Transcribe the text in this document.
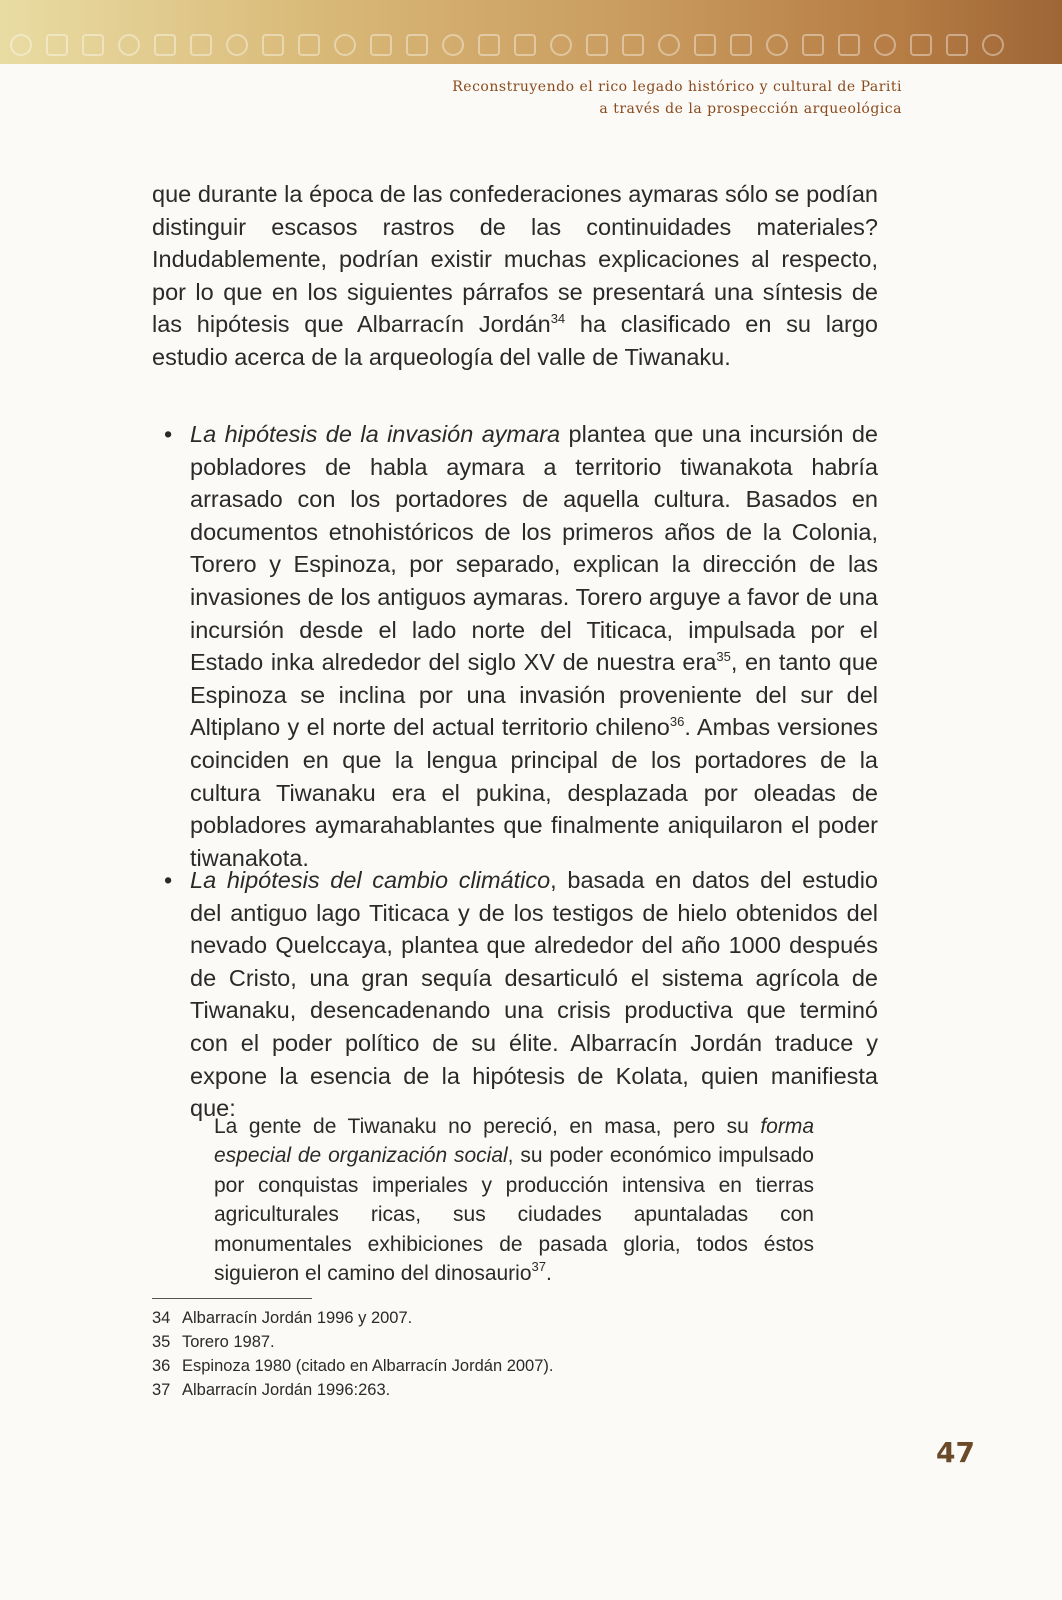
Reconstruyendo el rico legado histórico y cultural de Pariti
a través de la prospección arqueológica

que durante la época de las confederaciones aymaras sólo se podían distinguir escasos rastros de las continuidades materiales? Indudablemente, podrían existir muchas explicaciones al respecto, por lo que en los siguientes párrafos se presentará una síntesis de las hipótesis que Albarracín Jordán$^{34}$ ha clasificado en su largo estudio acerca de la arqueología del valle de Tiwanaku.

• La hipótesis de la invasión aymara plantea que una incursión de pobladores de habla aymara a territorio tiwanakota habría arrasado con los portadores de aquella cultura. Basados en documentos etnohistóricos de los primeros años de la Colonia, Torero y Espinoza, por separado, explican la dirección de las invasiones de los antiguos aymaras. Torero arguye a favor de una incursión desde el lado norte del Titicaca, impulsada por el Estado inka alrededor del siglo XV de nuestra era$^{35}$, en tanto que Espinoza se inclina por una invasión proveniente del sur del Altiplano y el norte del actual territorio chileno$^{36}$. Ambas versiones coinciden en que la lengua principal de los portadores de la cultura Tiwanaku era el pukina, desplazada por oleadas de pobladores aymarahablantes que finalmente aniquilaron el poder tiwanakota.
• La hipótesis del cambio climático, basada en datos del estudio del antiguo lago Titicaca y de los testigos de hielo obtenidos del nevado Quelccaya, plantea que alrededor del año 1000 después de Cristo, una gran sequía desarticuló el sistema agrícola de Tiwanaku, desencadenando una crisis productiva que terminó con el poder político de su élite. Albarracín Jordán traduce y expone la esencia de la hipótesis de Kolata, quien manifiesta que:
La gente de Tiwanaku no pereció, en masa, pero su forma especial de organización social, su poder económico impulsado por conquistas imperiales y producción intensiva en tierras agriculturales ricas, sus ciudades apuntaladas con monumentales exhibiciones de pasada gloria, todos éstos siguieron el camino del dinosaurio$^{37}$.
34 Albarracín Jordán 1996 y 2007.
35 Torero 1987.
36 Espinoza 1980 (citado en Albarracín Jordán 2007).
37 Albarracín Jordán 1996:263.
47
